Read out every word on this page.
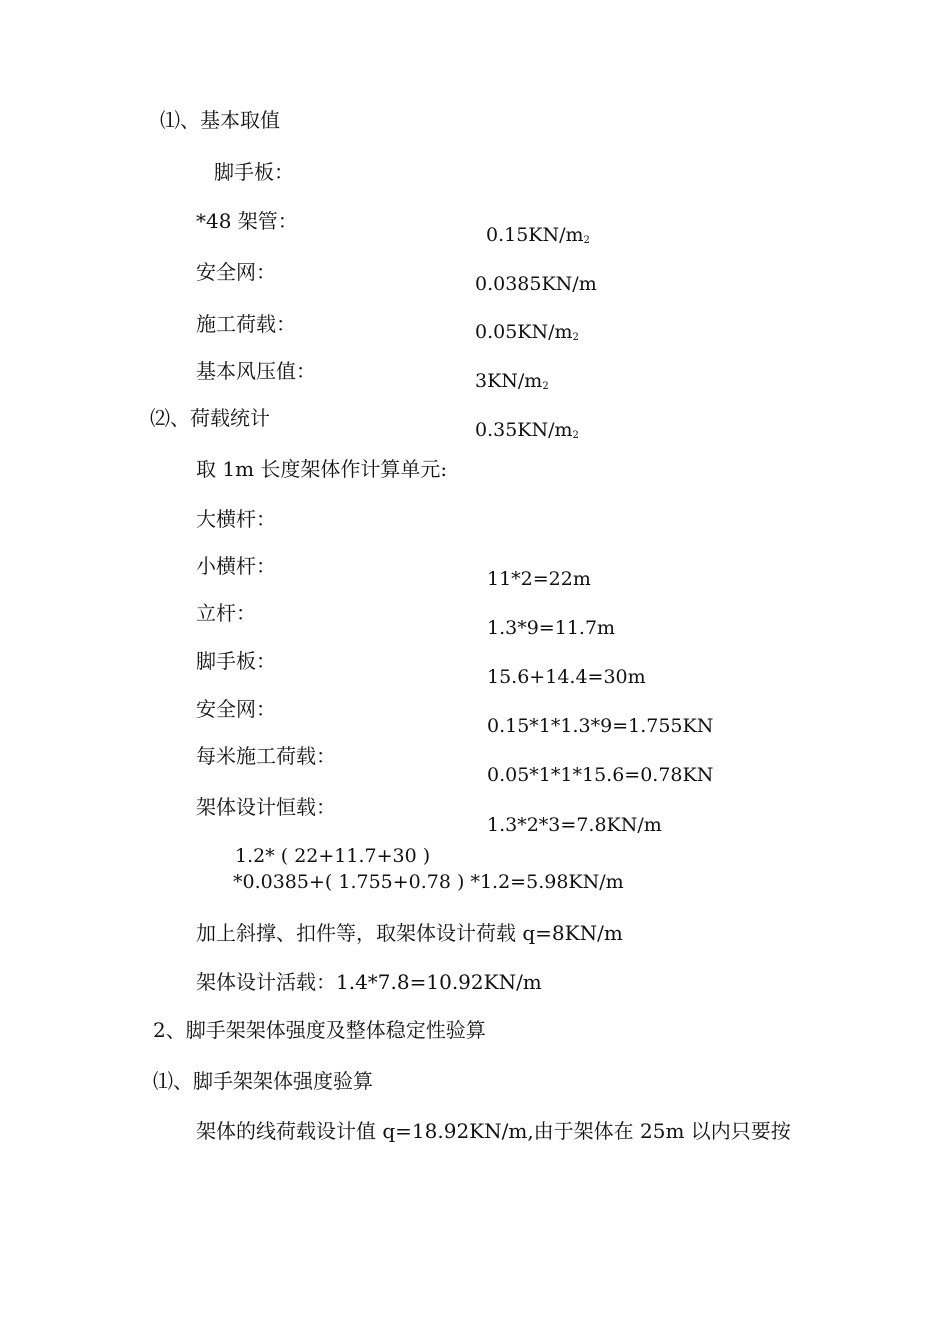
⑴、基本取值
脚手板：
*48 架管：
安全网：
施工荷载：
基本风压值：
$0.15KN/m_2$
0.0385KN/m
$0.05KN/m_2$
$3KN/m_2$
$0.35KN/m_2$
⑵、荷载统计
取 1m 长度架体作计算单元:
大横杆：
小横杆：
立杆：
脚手板：
安全网：
每米施工荷载：
架体设计恒载：
11*2=22m
1.3*9=11.7m
15.6+14.4=30m
0.15*1*1.3*9=1.755KN
0.05*1*1*15.6=0.78KN
1.3*2*3=7.8KN/m
1.2* ( 22+11.7+30 )
*0.0385+( 1.755+0.78 ) *1.2=5.98KN/m
加上斜撑、扣件等，取架体设计荷载 q=8KN/m
架体设计活载：1.4*7.8=10.92KN/m
2、脚手架架体强度及整体稳定性验算
⑴、脚手架架体强度验算
架体的线荷载设计值 q=18.92KN/m,由于架体在 25m 以内只要按
